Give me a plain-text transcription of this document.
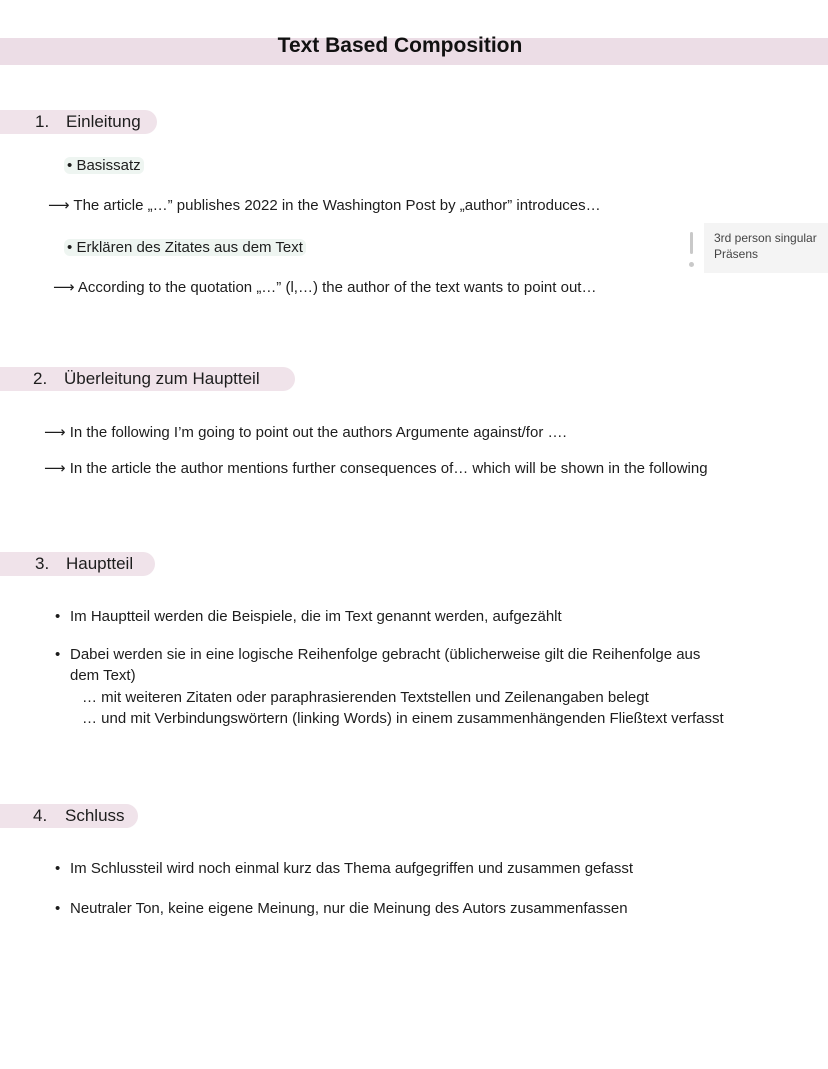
Text Based Composition
1. Einleitung
• Basissatz
⟶ The article „…” publishes 2022 in the Washington Post by „author” introduces…
• Erklären des Zitates aus dem Text
⟶ According to the quotation „…” (l,…) the author of the text wants to point out…
3rd person singular
Präsens
2. Überleitung zum Hauptteil
⟶ In the following I’m going to point out the authors Argumente against/for ….
⟶ In the article the author mentions further consequences of… which will be shown in the following
3. Hauptteil
• Im Hauptteil werden die Beispiele, die im Text genannt werden, aufgezählt
• Dabei werden sie in eine logische Reihenfolge gebracht (üblicherweise gilt die Reihenfolge aus
dem Text)
… mit weiteren Zitaten oder paraphrasierenden Textstellen und Zeilenangaben belegt
… und mit Verbindungswörtern (linking Words) in einem zusammenhängenden Fließtext verfasst
4. Schluss
• Im Schlussteil wird noch einmal kurz das Thema aufgegriffen und zusammen gefasst
• Neutraler Ton, keine eigene Meinung, nur die Meinung des Autors zusammenfassen
